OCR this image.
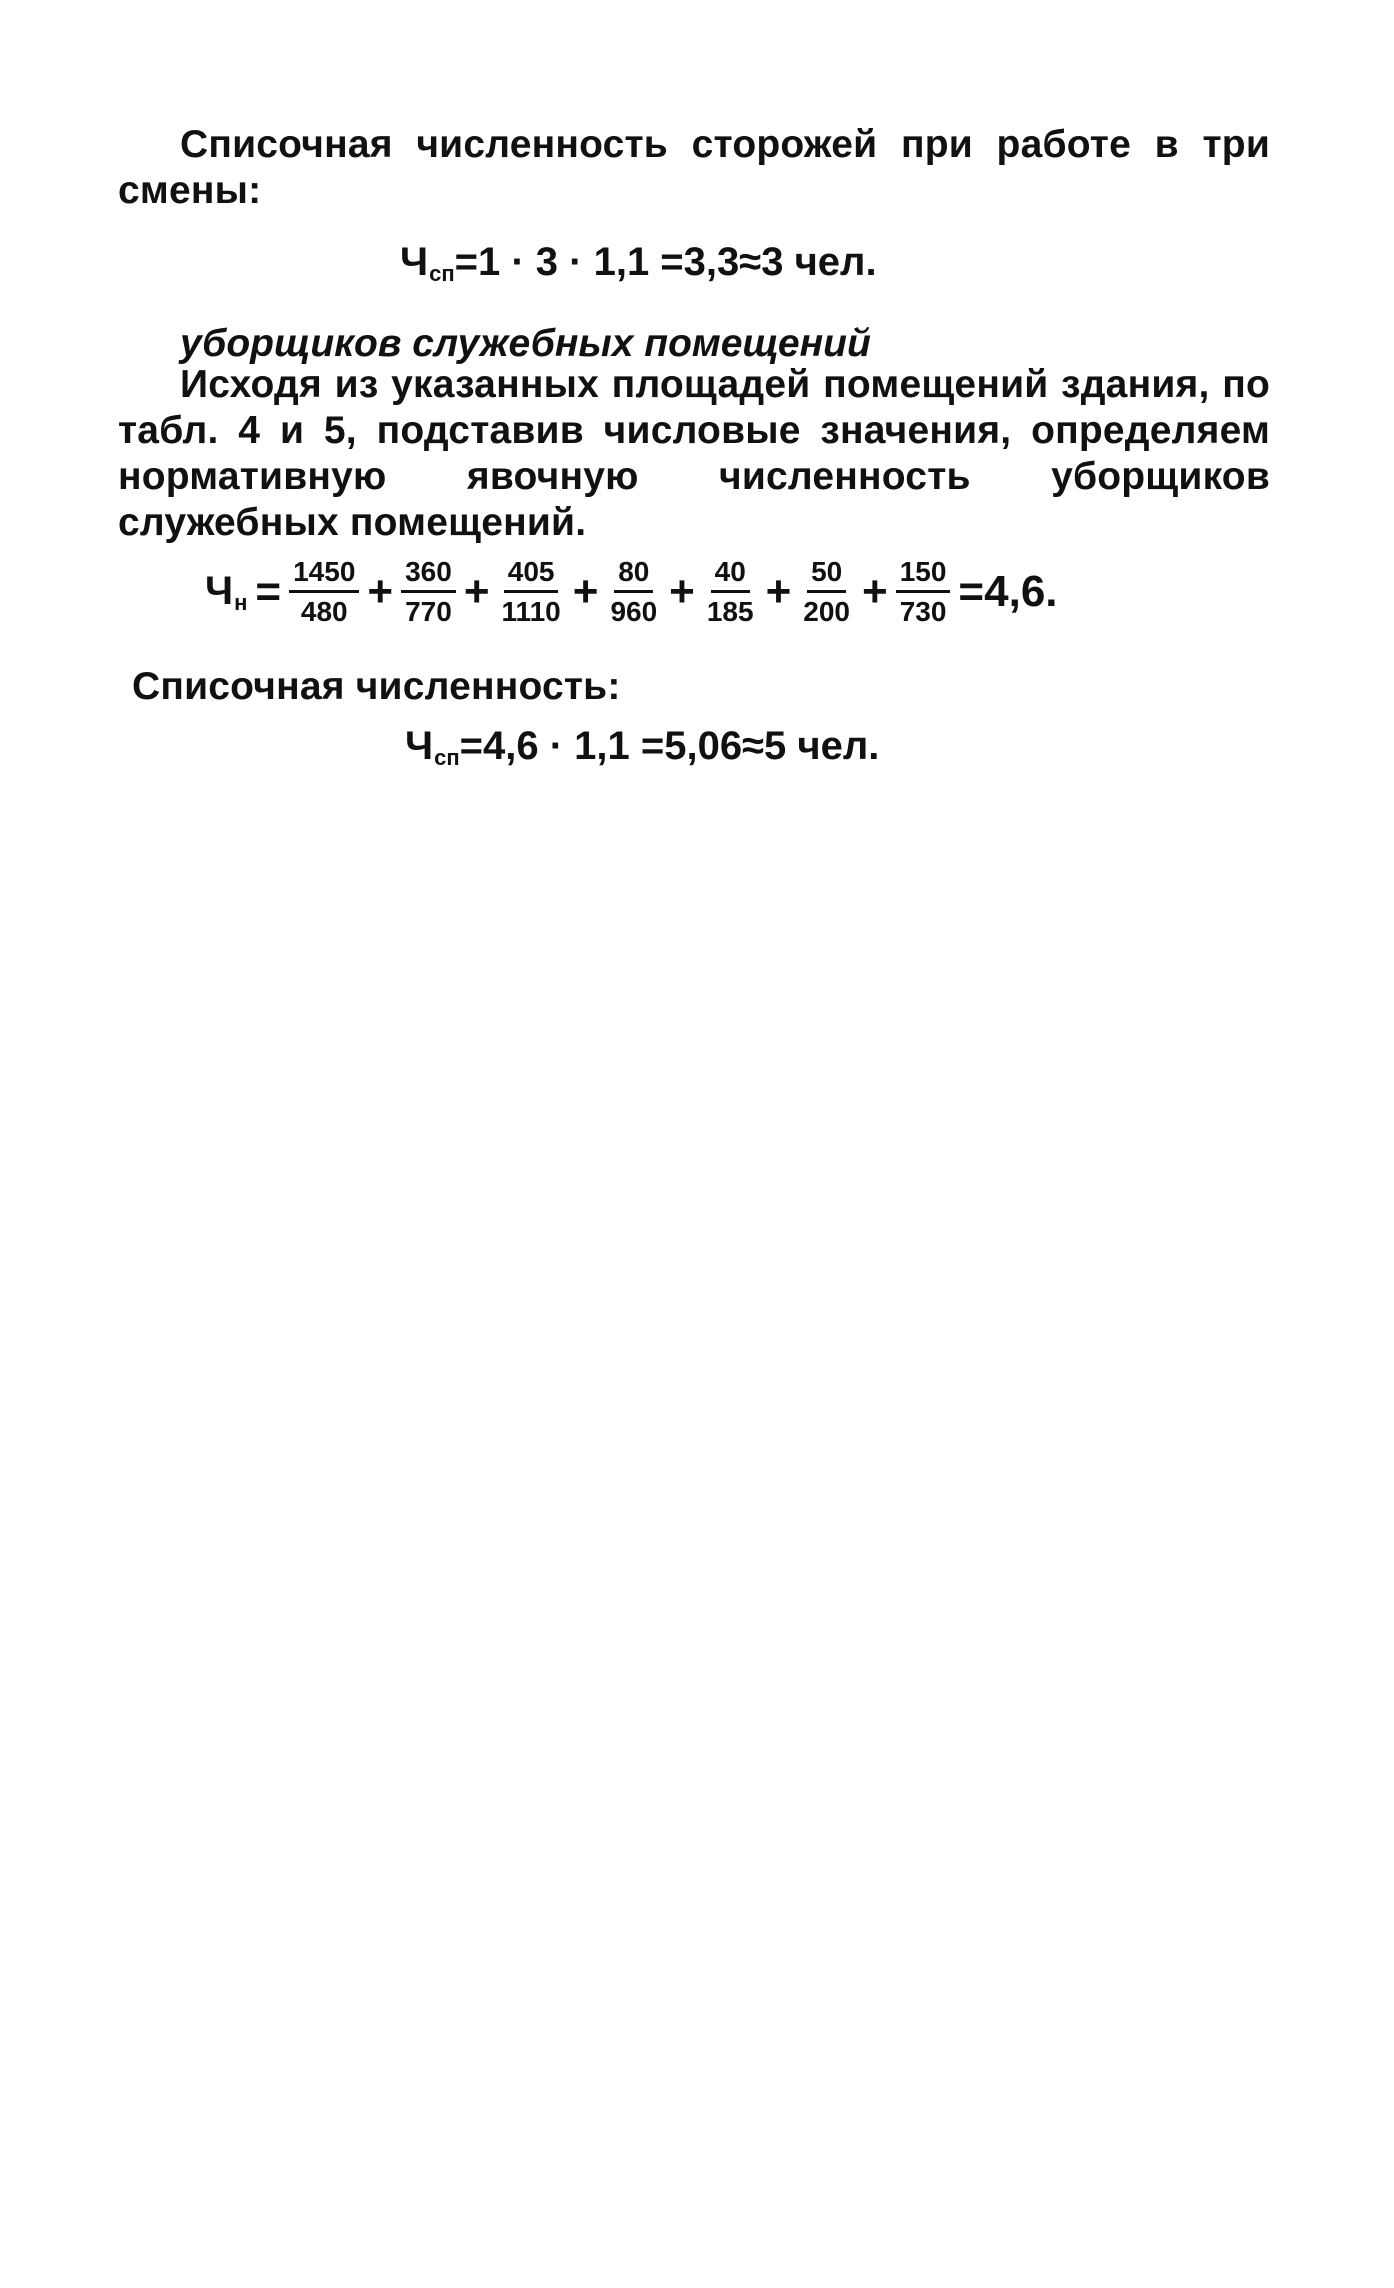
Списочная численность сторожей при работе в три смены:

$Ч_{сп}=1 \cdot 3 \cdot 1,1 =3,3\approx 3$ чел.
уборщиков служебных помещений

Исходя из указанных площадей помещений здания, по табл. 4 и 5, подставив числовые значения, определяем нормативную явочную численность уборщиков служебных помещений.

$Ч_н = \frac{1450}{480} + \frac{360}{770} + \frac{405}{1110} + \frac{80}{960} + \frac{40}{185} + \frac{50}{200} + \frac{150}{730} =4,6$.

Списочная численность:

$Ч_{сп}=4,6 \cdot 1,1 =5,06\approx 5$ чел.
